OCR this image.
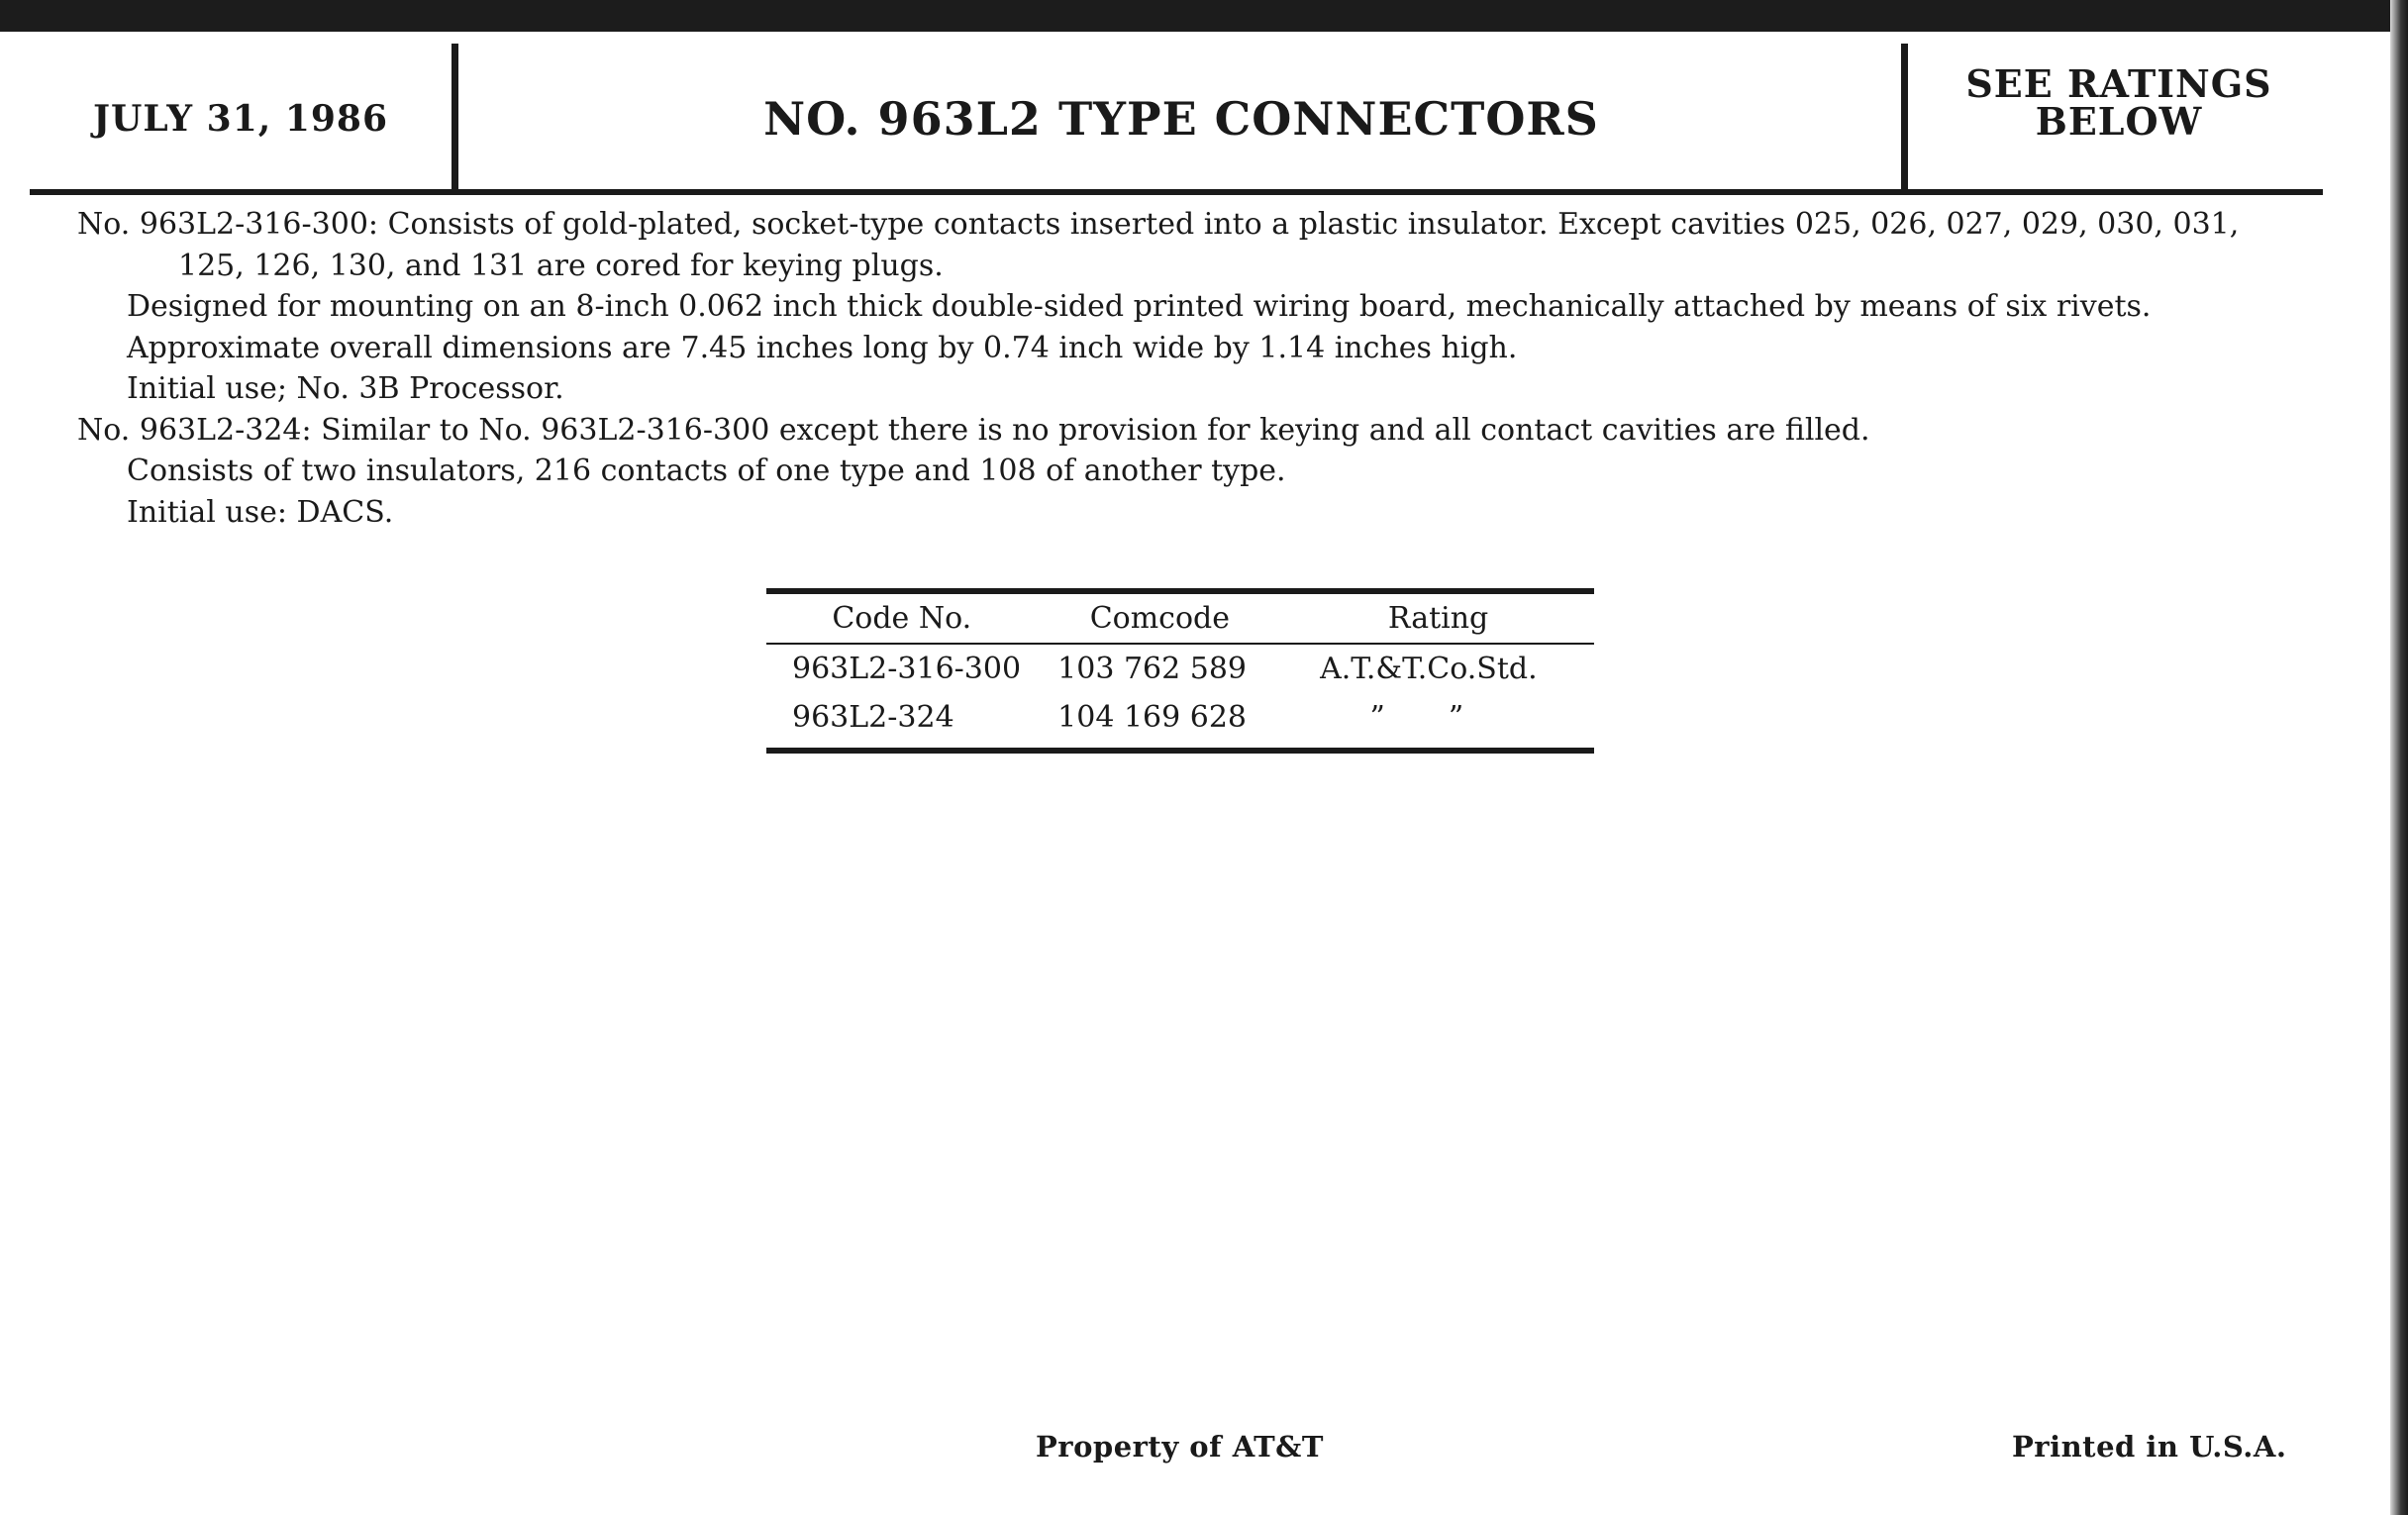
JULY 31, 1986	NO. 963L2 TYPE CONNECTORS
SEE RATINGS
BELOW

No. 963L2-316-300: Consists of gold-plated, socket-type contacts inserted into a plastic insulator. Except cavities 025, 026, 027, 029, 030, 031, 125, 126, 130, and 131 are cored for keying plugs.

Designed for mounting on an 8-inch 0.062 inch thick double-sided printed wiring board, mechanically attached by means of six rivets.

Approximate overall dimensions are 7.45 inches long by 0.74 inch wide by 1.14 inches high.

Initial use; No. 3B Processor.

No. 963L2-324: Similar to No. 963L2-316-300 except there is no provision for keying and all contact cavities are filled.

Consists of two insulators, 216 contacts of one type and 108 of another type.

Initial use: DACS.

Code No.	Comcode	Rating
963L2-316-300	103 762 589	A.T.&T.Co.Std.
963L2-324	104 169 628	””
Property of AT&T	Printed in U.S.A.
